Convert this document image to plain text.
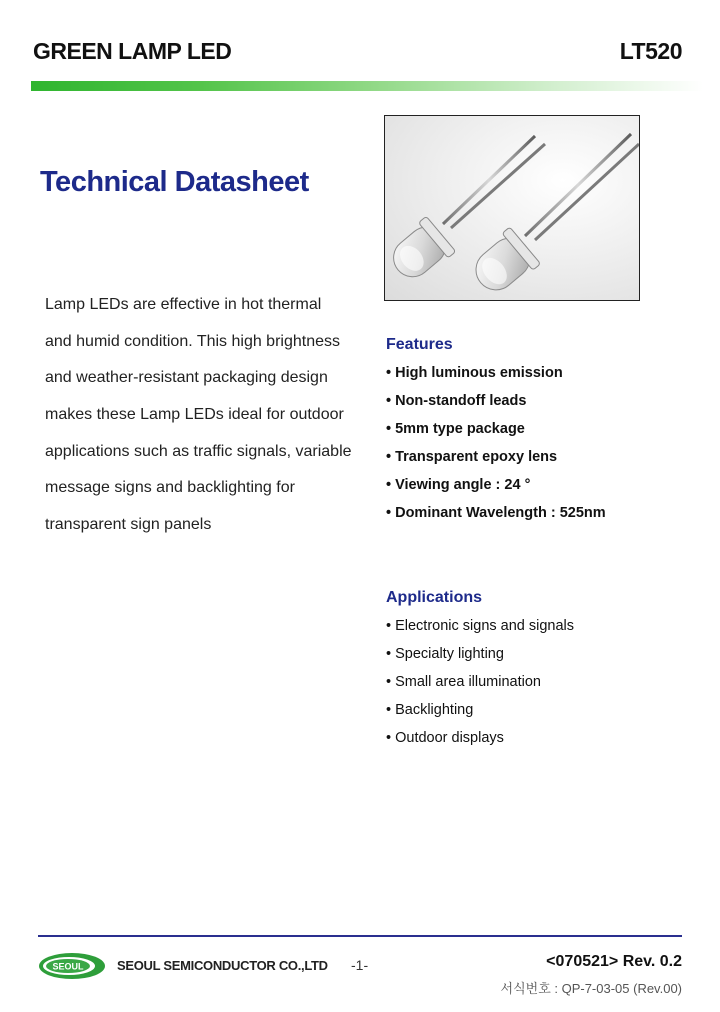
GREEN LAMP LED	LT520
Technical Datasheet
Lamp LEDs are effective in hot thermal
and humid condition. This high brightness
and weather-resistant packaging design
makes these Lamp LEDs ideal for outdoor
applications such as traffic signals, variable
message signs and backlighting for
transparent sign panels
Features
• High luminous emission
• Non-standoff leads
• 5mm type package
• Transparent epoxy lens
• Viewing angle : 24 °
• Dominant Wavelength : 525nm
Applications
• Electronic signs and signals
• Specialty lighting
• Small area illumination
• Backlighting
• Outdoor displays
SEOUL	SEOUL SEMICONDUCTOR CO.,LTD -1-	<070521> Rev. 0.2
서식번호 : QP-7-03-05 (Rev.00)
